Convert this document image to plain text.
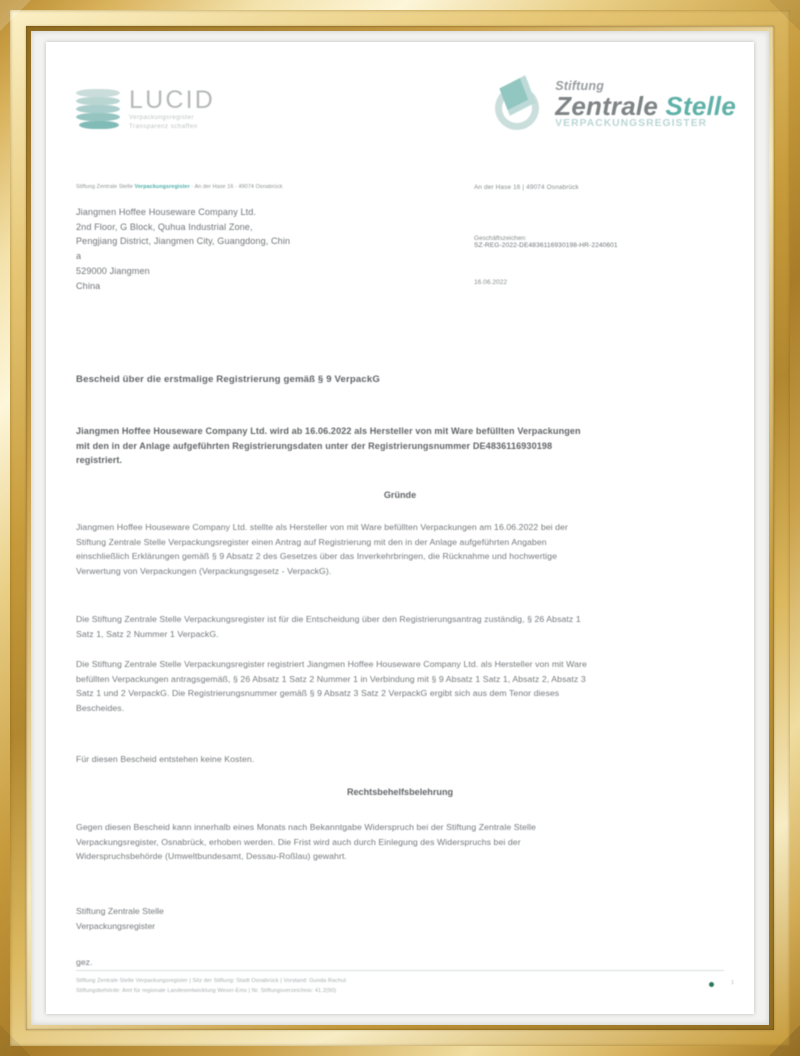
LUCID
Verpackungsregister
Transparenz schaffen
Stiftung
Zentrale Stelle
VERPACKUNGSREGISTER
Stiftung Zentrale Stelle Verpackungsregister · An der Hase 16 · 49074 Osnabrück
Jiangmen Hoffee Houseware Company Ltd.
2nd Floor, G Block, Quhua Industrial Zone,
Pengjiang District, Jiangmen City, Guangdong, Chin
a
529000 Jiangmen
China
An der Hase 16 | 49074 Osnabrück
Geschäftszeichen:
SZ-REG-2022-DE4836116930198-HR-2240601
16.06.2022
Bescheid über die erstmalige Registrierung gemäß § 9 VerpackG
Jiangmen Hoffee Houseware Company Ltd. wird ab 16.06.2022 als Hersteller von mit Ware befüllten Verpackungen mit den in der Anlage aufgeführten Registrierungsdaten unter der Registrierungsnummer DE4836116930198 registriert.
Gründe
Jiangmen Hoffee Houseware Company Ltd. stellte als Hersteller von mit Ware befüllten Verpackungen am 16.06.2022 bei der Stiftung Zentrale Stelle Verpackungsregister einen Antrag auf Registrierung mit den in der Anlage aufgeführten Angaben einschließlich Erklärungen gemäß § 9 Absatz 2 des Gesetzes über das Inverkehrbringen, die Rücknahme und hochwertige Verwertung von Verpackungen (Verpackungsgesetz - VerpackG).
Die Stiftung Zentrale Stelle Verpackungsregister ist für die Entscheidung über den Registrierungsantrag zuständig, § 26 Absatz 1 Satz 1, Satz 2 Nummer 1 VerpackG.
Die Stiftung Zentrale Stelle Verpackungsregister registriert Jiangmen Hoffee Houseware Company Ltd. als Hersteller von mit Ware befüllten Verpackungen antragsgemäß, § 26 Absatz 1 Satz 2 Nummer 1 in Verbindung mit § 9 Absatz 1 Satz 1, Absatz 2, Absatz 3 Satz 1 und 2 VerpackG. Die Registrierungsnummer gemäß § 9 Absatz 3 Satz 2 VerpackG ergibt sich aus dem Tenor dieses Bescheides.
Für diesen Bescheid entstehen keine Kosten.
Rechtsbehelfsbelehrung
Gegen diesen Bescheid kann innerhalb eines Monats nach Bekanntgabe Widerspruch bei der Stiftung Zentrale Stelle Verpackungsregister, Osnabrück, erhoben werden. Die Frist wird auch durch Einlegung des Widerspruchs bei der Widerspruchsbehörde (Umweltbundesamt, Dessau-Roßlau) gewahrt.
Stiftung Zentrale Stelle
Verpackungsregister
gez.
Stiftung Zentrale Stelle Verpackungsregister | Sitz der Stiftung: Stadt Osnabrück | Vorstand: Gunda Rachut
Stiftungsbehörde: Amt für regionale Landesentwicklung Weser-Ems | Nr. Stiftungsverzeichnis: 41.2(90)
1
